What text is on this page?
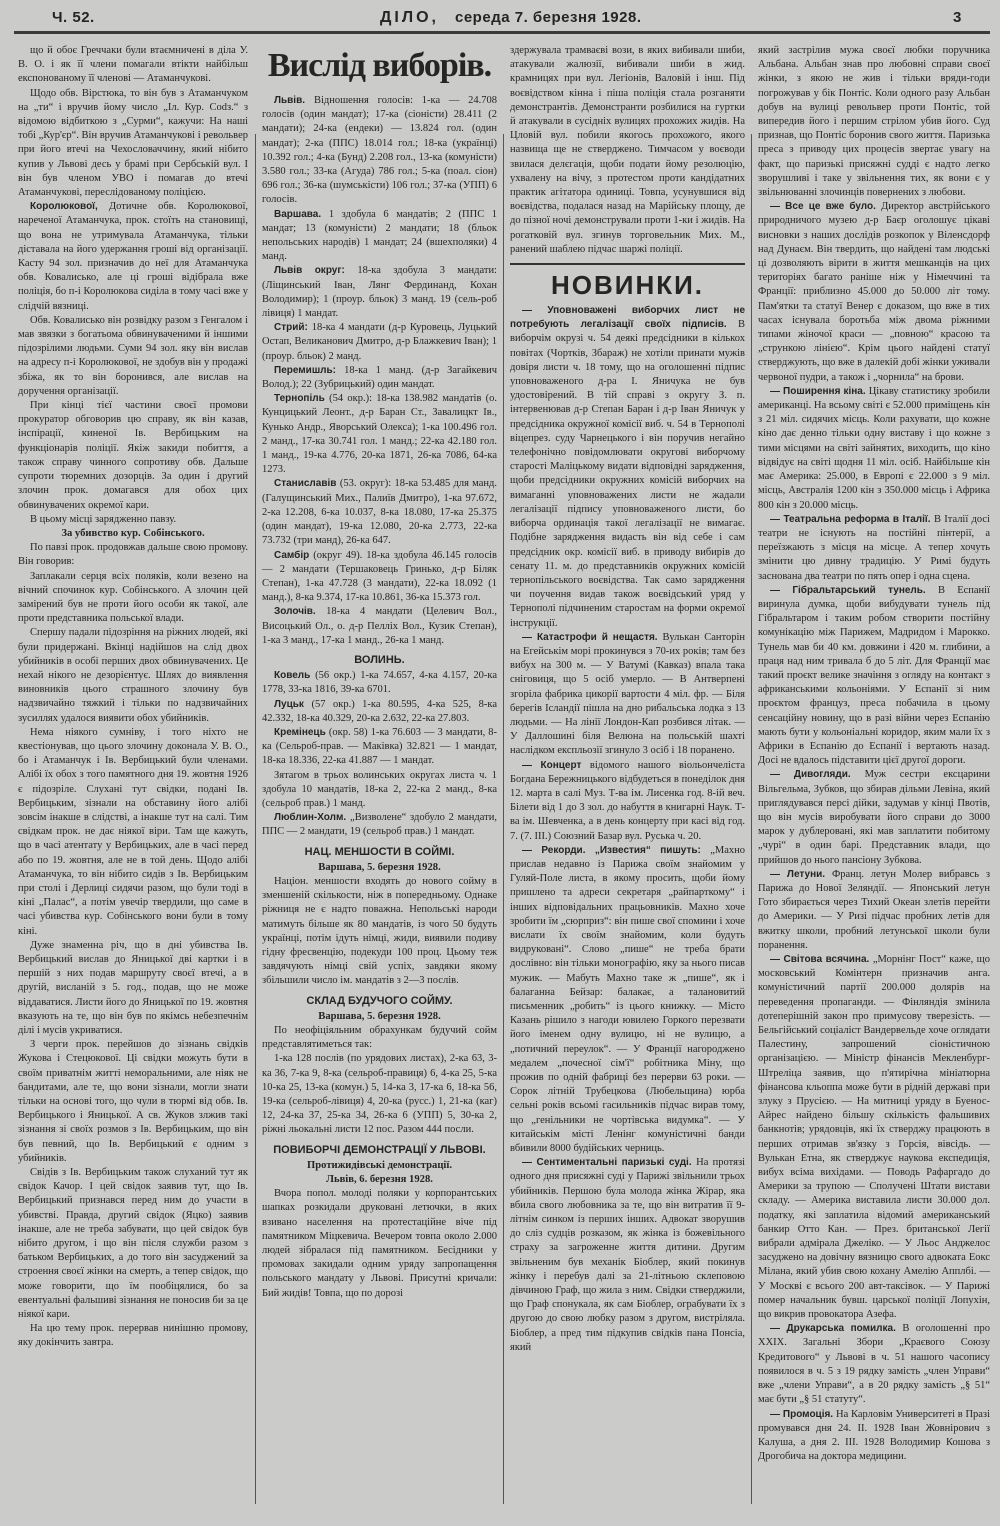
Ч. 52.	ДІЛО, середа 7. березня 1928.	3

що й обоє Греччаки були втаємничені в діла У. В. О. і як її члени помагали втікти найбільш експонованому її членові — Атаманчукові.

Щодо обв. Вірстюка, то він був з Атаманчуком на „ти“ і вручив йому число „Іл. Кур. Codз.“ з відомою відбиткою з „Сурми“, кажучи: На наші тобі „Кур'єр“. Він вручив Атаманчукові і револьвер при його втечі на Чехословаччину, який нібито купив у Львові десь у брамі при Сербській вул. І він був членом УВО і помагав до втечі Атаманчукові, переслідованому поліцією.

Королюкової, Дотичне обв. Королюкової, нареченої Атаманчука, прок. стоїть на становищі, що вона не утримувала Атаманчука, тільки діставала на його удержання гроші від організації. Касту 94 зол. призначив до неї для Атаманчука обв. Ковалисько, але ці гроші відібрала вже поліція, бо п-і Королюкова сиділа в тому часі вже у слідчій вязниці.

Обв. Ковалисько він розвідку разом з Генгалом і мав звязки з богатьома обвинуваченими й іншими підозрілими людьми. Суми 94 зол. яку він вислав на адресу п-і Королюкової, не здобув він у продажі збіжа, як то він боронився, але вислав на доручення організації.

При кінці тієї частини своєї промови прокуратор обговорив цю справу, як він казав, інспірації, киненої Ів. Вербицьким на функціонарів поліції. Якіж закиди побиття, а також справу чинного сопротиву обв. Дальше супроти тюремних дозорців. За один і другий злочин прок. домагався для обох цих обвинувачених окремої кари.

В цьому місці зарядженно павзу.

За убивство кур. Собінського.

По павзі прок. продовжав дальше свою промову. Він говорив:

Заплакали серця всіх поляків, коли везено на вічний спочинок кур. Собінського. А злочин цей замірений був не проти його особи як такої, але проти представника польської влади.

Спершу падали підозріння на ріжних людей, які були придержані. Вкінці надійшов на слід двох убийників в особі перших двох обвинувачених. Це нехай нікого не дезорієнтує. Шлях до виявлення виновників цього страшного злочину був надзвичайно тяжкий і тільки по надзвичайних зусиллях удалося виявити обох убийників.

Нема ніякого сумніву, і того ніхто не квестіонував, що цього злочину доконала У. В. О., бо і Атаманчук і Ів. Вербицький були членами. Алібі їх обох з того памятного дня 19. жовтня 1926 є підозріле. Слухані тут свідки, подані Ів. Вербицьким, зізнали на обставину його алібі зовсім інакше в слідстві, а інакше тут на салі. Тим свідкам прок. не дає ніякої віри. Там ще кажуть, що в часі атентату у Вербицьких, але в часі перед або по 19. жовтня, але не в той день. Щодо алібі Атаманчука, то він нібито сидів з Ів. Вербицьким при столі і Дерлиці сидячи разом, що були тоді в кіні „Палас“, а потім увечір твердили, що саме в часі убивства кур. Собінського вони були в тому кіні.

Дуже знаменна річ, що в дні убивства Ів. Вербицький вислав до Яницької дві картки і в першій з них подав маршруту своєї втечі, а в другій, висланій з 5. год., подав, що не може віддаватися. Листи його до Яницької по 19. жовтня вказують на те, що він був по якімсь небезпечнім ділі і мусів укриватися.

З черги прок. перейшов до зізнань свідків Жукова і Стецюкової. Ці свідки можуть бути в своїм приватнім житті неморальними, але ніяк не бандитами, але те, що вони зізнали, могли знати тільки на основі того, що чули в тюрмі від обв. Ів. Вербицького і Яницької. А св. Жуков злжив такі зізнання зі своїх розмов з Ів. Вербицьким, що він був певний, що Ів. Вербицький є одним з убийників.

Свідів з Ів. Вербицьким також слуханий тут як свідок Качор. І цей свідок заявив тут, що Ів. Вербицький признався перед ним до участи в убивстві. Правда, другий свідок (Яцко) заявив інакше, але не треба забувати, що цей свідок був нібито другом, і що він після служби разом з батьком Вербицьких, а до того він засуджений за строення своєї жінки на смерть, а тепер свідок, що може говорити, що їм пообіцялися, бо за евентуальні фальшиві зізнання не поносив би за це ніякої кари.

На цю тему прок. перервав нинішню промову, яку докінчить завтра.

Вислід виборів.

Львів. Відношення голосів: 1-ка — 24.708 голосів (один мандат); 17-ка (сіоністи) 28.411 (2 мандати); 24-ка (ендеки) — 13.824 гол. (один мандат); 2-ка (ППС) 18.014 гол.; 18-ка (українці) 10.392 гол.; 4-ка (Бунд) 2.208 гол., 13-ка (комуністи) 3.580 гол.; 33-ка (Агуда) 786 гол.; 5-ка (поал. сіон) 696 гол.; 36-ка (шумськісти) 106 гол.; 37-ка (УПП) 6 голосів.

Варшава. 1 здобула 6 мандатів; 2 (ППС 1 мандат; 13 (комуністи) 2 мандати; 18 (бльок непольських народів) 1 мандат; 24 (вшехполяки) 4 манд.

Львів округ: 18-ка здобула 3 мандати: (Ліщинський Іван, Лянг Фердинанд, Кохан Володимир); 1 (проур. бльок) 3 манд. 19 (сель-роб лівиця) 1 мандат.

Стрий: 18-ка 4 мандати (д-р Куровець, Луцький Остап, Великанович Дмитро, д-р Блажкевич Іван); 1 (проур. бльок) 2 манд.

Перемишль: 18-ка 1 манд. (д-р Загайкевич Волод.); 22 (Зубрицький) один мандат.

Тернопіль (54 окр.): 18-ка 138.982 мандатів (о. Кунцицький Леонт., д-р Баран Ст., Завалицкт Ів., Кунько Андр., Яворський Олекса); 1-ка 100.496 гол. 2 манд., 17-ка 30.741 гол. 1 манд.; 22-ка 42.180 гол. 1 манд., 19-ка 4.776, 20-ка 1871, 26-ка 7086, 64-ка 1273.

Станиславів (53. округ): 18-ка 53.485 для манд. (Галущинський Мих., Палиїв Дмитро), 1-ка 97.672, 2-ка 12.208, 6-ка 10.037, 8-ка 18.080, 17-ка 25.375 (один мандат), 19-ка 12.080, 20-ка 2.773, 22-ка 73.732 (три манд), 26-ка 647.

Самбір (округ 49). 18-ка здобула 46.145 голосів — 2 мандати (Тершаковець Гринько, д-р Біляк Степан), 1-ка 47.728 (3 мандати), 22-ка 18.092 (1 манд.), 8-ка 9.374, 17-ка 10.861, 36-ка 15.373 гол.

Золочів. 18-ка 4 мандати (Целевич Вол., Висоцький Ол., о. д-р Пелліх Вол., Кузик Степан), 1-ка 3 манд., 17-ка 1 манд., 26-ка 1 манд.

ВОЛИНЬ.

Ковель (56 окр.) 1-ка 74.657, 4-ка 4.157, 20-ка 1778, 33-ка 1816, 39-ка 6701.

Луцьк (57 окр.) 1-ка 80.595, 4-ка 525, 8-ка 42.332, 18-ка 40.329, 20-ка 2.632, 22-ка 27.803.

Кремінець (окр. 58) 1-ка 76.603 — 3 мандати, 8-ка (Сельроб-прав. — Маківка) 32.821 — 1 мандат, 18-ка 18.336, 22-ка 41.887 — 1 мандат.

Зятагом в трьох волинських округах листа ч. 1 здобула 10 мандатів, 18-ка 2, 22-ка 2 манд., 8-ка (сельроб прав.) 1 манд.

Люблин-Холм. „Визволене“ здобуло 2 мандати, ППС — 2 мандати, 19 (сельроб прав.) 1 мандат.

НАЦ. МЕНШОСТИ В СОЙМІ.

Варшава, 5. березня 1928.

Націон. меншости входять до нового сойму в зменшеній скількости, ніж в попередньому. Однаке ріжниця не є надто поважна. Непольські народи матимуть більше як 80 мандатів, із чого 50 будуть українці, потім ідуть німці, жиди, виявили подиву гідну фресвенцію, подекуди 100 проц. Цьому теж завдячують німці свій успіх, завдяки якому збільшили число ім. мандатів з 2—3 послів.

СКЛАД БУДУЧОГО СОЙМУ.

Варшава, 5. березня 1928.

По неофіціяльним обрахункам будучий сойм представлятиметься так:

1-ка 128 послів (по урядових листах), 2-ка 63, 3-ка 36, 7-ка 9, 8-ка (сельроб-правиця) 6, 4-ка 25, 5-ка 10-ка 25, 13-ка (комун.) 5, 14-ка 3, 17-ка 6, 18-ка 56, 19-ка (сельроб-лівиця) 4, 20-ка (русс.) 1, 21-ка (каг) 12, 24-ка 37, 25-ка 34, 26-ка 6 (УПП) 5, 30-ка 2, ріжні льокальні листи 12 пос. Разом 444 посли.

ПОВИБОРЧІ ДЕМОНСТРАЦІЇ У ЛЬВОВІ.

Протижидівські демонстрації.

Львів, 6. березня 1928.

Вчора попол. молоді поляки у корпорантських шапках розкидали друковані летючки, в яких взивано населення на протестаційне віче під памятником Міцкевича. Вечером товпа около 2.000 людей зібралася під памятником. Бесідники у промовах закидали одним уряду запропащення польського мандату у Львові. Присутні кричали: Бий жидів! Товпа, що по дорозі

здержувала трамваєві вози, в яких вибивали шиби, атакували жалюзії, вибивали шиби в жид. крамницях при вул. Легіонів, Валовій і інш. Під воєвідством кінна і піша поліція стала розганяти демонстрантів. Демонстранти розбилися на гуртки й атакували в сусідніх вулицях прохожих жидів. На Цловій вул. побили якогось прохожого, якого назвища ще не стверджено. Тимчасом у воєводи звилася делєгація, щоби подати йому резолюцію, ухвалену на вічу, з протестом проти кандідатних практик агітатора одиниці. Товпа, усунувшися від воєвідства, подалася назад на Марійську площу, де до пізної ночі демонстрували проти 1-ки і жидів. На рогатковій вул. згинув торговельник Мих. М., ранений шаблею підчас шаржі поліції.

НОВИНКИ.

— Уповноважені виборчих лист не потребують легалізації своїх підписів. В виборчім окрузі ч. 54 деякі предсідники в кількох повітах (Чортків, Збараж) не хотіли принати мужів довіря листи ч. 18 тому, що на оголошенні підпис уповноваженого д-ра І. Яничука не був удостовірений. В тій справі з округу З. п. інтервенював д-р Степан Баран і д-р Іван Яничук у предсідника окружної комісії виб. ч. 54 в Тернополі віцепрез. суду Чарнецького і він поручив негайно телефонічно повідомлювати округові виборчому старості Маліцькому видати відповідні зарядження, щоби предсідники окружних комісій виборчих на вимаганні уповноважених листи не жадали легалізації підпису уповноваженого листи, бо виборча ординація такої легалізації не вимагає. Подібне зарядження видасть він від себе і сам предсідник окр. комісії виб. в приводу вибирів до сенату 11. м. до представників окружних комісій тернопільського воєвідства. Так само зарядження чи поучення видав також воєвідський уряд у Тернополі підчиненим старостам на форми окремої інструкції.

— Катастрофи й нещастя. Вулькан Санторін на Егейськім морі прокинувся з 70-их років; там без вибух на 300 м. — У Ватумі (Кавказ) впала така сніговиця, що 5 осіб умерло. — В Антверпені згоріла фабрика цикорії вартости 4 міл. фр. — Біля берегів Ісландії пішла на дно рибальська лодка з 13 людьми. — На лінії Лондон-Кап розбився літак. — У Даллошині біля Велюна на польській шахті наслідком експльозії згинуло 3 осіб і 18 поранено.

— Концерт відомого нашого віольончеліста Богдана Бережницького відбудеться в понеділок дня 12. марта в салі Муз. Т-ва ім. Лисенка год. 8-ій веч. Білети від 1 до 3 зол. до набуття в книгарні Наук. Т-ва ім. Шевченка, а в день концерту при касі від год. 7. (7. III.) Союзний Базар вул. Руська ч. 20.

— Рекорди. „Известия“ пишуть: „Махно прислав недавно із Парижа своїм знайомим у Гуляй-Поле листа, в якому просить, щоби йому пришлено та адреси секретаря „райпарткому“ і інших відповідальних працьовників. Махно хоче зробити їм „сюрприз“: він пише свої спомини і хоче вислати їх своїм знайомим, коли будуть видруковані“. Слово „пише“ не треба брати дослівно: він тільки монографію, яку за нього писав мужик. — Мабуть Махно таке ж „пише“, як і балаганна Бейзар: балакає, а талановитий письменник „робить“ із цього книжку. — Місто Казань рішило з нагоди ювилею Горкого перезвати його іменем одну вулицю, ні не вулицю, а „потичний переулок“. — У Франції нагороджено медалем „почесної сім'ї“ робітника Міну, що прожив по одній фабриці без перерви 63 роки. — Сорок літній Трубецкова (Любельщина) юрба сельні років всьомі гасильників підчас вирав тому, що „генільники не чортівська видумка“. — У китайськім місті Ленінг комуністичні банди вбивили 8000 будійських черниць.

— Сентиментальні паризькі суді. На протязі одного дня присяжні суді у Парижі звільнили трьох убийників. Першою була молода жінка Жірар, яка вбила свого любовника за те, що він витратив її 9-літнім синком із перших інших. Адвокат зворушив до сліз судців розказом, як жінка із божевільного страху за загроженне життя дитини. Другим звільненим був механік Біоблер, який покинув жінку і перебув далі за 21-літньою склеповою дівчиною Граф, що жила з ним. Свідки стверджили, що Граф спонукала, як сам Біоблер, ограбувати їх з другою до свою любку разом з другом, вистріляла. Біоблер, a пред тим підкупив свідків пана Понсіа, який

який застрілив мужа своєї любки поручника Альбана. Альбан знав про любовні справи своєї жінки, з якою не жив і тільки вряди-годи погрожував у бік Понтіс. Коли одного разу Альбан добув на вулиці револьвер проти Понтіс, той випередив його і першим стрілом убив його. Суд признав, що Понтіс боронив свого життя. Паризька преса з приводу цих процесів звертає увагу на факт, що паризькі присяжні судді є надто легко зворушливі і таке у звільнення тих, як вони є у звільнюванні злочинців повернених з любови.

— Все це вже було. Директор австрійського природничого музею д-р Баєр оголошує цікаві висновки з наших дослідів розкопок у Віленсдорф над Дунаєм. Він твердить, що найдені там людські ці дозволяють вірити в життя мешканців на цих територіях багато раніше ніж у Німеччині та Франції: приблизно 45.000 до 50.000 літ тому. Пам'ятки та статуї Венер є доказом, що вже в тих часах існувала боротьба між двома ріжними типами жіночої краси — „повною“ красою та „стрункою лінією“. Крім цього найдені статуї стверджують, що вже в далекій добі жінки уживали червоної пудри, а також і „чорнила“ на брови.

— Поширення кіна. Цікаву статистику зробили американці. На всьому світі є 52.000 приміщень кін з 21 міл. сидячих місць. Коли рахувати, що кожне кіно дає денно тільки одну виставу і що кожне з тими місцями на світі зайнятих, виходить, що кіно відвідує на світі щодня 11 міл. осіб. Найбільше кін має Америка: 25.000, в Европі є 22.000 з 9 міл. місць, Австралія 1200 кін з 350.000 місць і Африка 800 кін з 20.000 місць.

— Театральна реформа в Італії. В Італії досі театри не існують на постійні пінтерії, а переїзжають з місця на місце. А тепер хочуть змінити цю дивну традицію. У Римі будуть заснована два театри по пять опер і одна сцена.

— Гібральтарський тунель. В Еспанії виринула думка, щоби вибудувати тунель під Гібральтаром і таким робом створити постійну комунікацію між Парижем, Мадридом і Марокко. Тунель мав би 40 км. довжини і 420 м. глибини, а праця над ним тривала б до 5 літ. Для Франції має такий проєкт велике значіння з огляду на контакт з африканськими кольоніями. У Еспанії зі ним проєктом француз, преса побачила в цьому сенсаційну новину, що в разі війни через Еспанію мають бути у кольоніальні коридор, яким мали їх з Африки в Еспанію до Еспанії і вертають назад. Досі не вдалось підставити цієї другої дороги.

— Дивогляди. Муж сестри ексцарини Вільгельма, Зубков, що збирав дільми Левіна, який приглядувався персі дійки, задумав у кінці Пвотів, що він мусів виробувати його справи до 3000 марок у дублеровані, які мав заплатити побитому „чурі“ в один барі. Представник влади, що прийшов до нього пансіону Зубкова.

— Летуни. Франц. летун Молер вибравсь з Парижа до Нової Зеляндії. — Японський летун Гото збирається через Тихий Океан злетів перейти до Америки. — У Ризі підчас пробних летів для вжитку школи, пробний летунської школи були поранення.

— Світова всячина. „Морнінг Пост“ каже, що московський Комінтерн призначив анга. комуністичний партії 200.000 долярів на переведення пропаганди. — Фінляндія змінила дотеперішній закон про примусову тверезість. — Бельгійський соціаліст Вандервельде хоче оглядати Палестину, запрошений сіоністичною організацією. — Міністр фінансів Мекленбург-Штреліца заявив, що п'ятирічна мініатюрна фінансова кльоппа може бути в рідній державі при злуку з Прусією. — На митниці уряду в Буенос-Айрес найдено більшу скількість фальшивих банкнотів; урядовців, які їх стверджу працюють в перших отримав зв'язку з Горсія, вівсідь. — Вулькан Етна, як стверджує наукова експедиція, вибух всіма вихідами. — Поводь Рафаргадо до Америки за трупою — Сполучені Штати вистави складу. — Америка виставила листи 30.000 дол. податку, які заплатила відомий американський банкир Отто Кан. — През. британської Легії вибрали адмірала Джеліко. — У Льос Анджелос засуджено на довічну вязницю свого адвоката Еокс Мілана, який убив свою кохану Амелію Апплбі. — У Москві є всього 200 авт-таксівок. — У Парижі помер начальник бувш. царської поліції Лопухін, що викрив провокатора Азефа.

— Друкарська помилка. В оголошенні про XXIX. Загальні Збори „Краєвого Союзу Кредитового“ у Львові в ч. 51 нашого часопису появилося в ч. 5 з 19 рядку замість „член Управи“ вже „члени Управи“, а в 20 рядку замість „§ 51“ має бути „§ 51 статуту“.

— Промоція. На Карловім Университеті в Празі промувався дня 24. II. 1928 Іван Жовнірович з Калуша, а дня 2. III. 1928 Володимир Кошова з Дрогобича на доктора медицини.
